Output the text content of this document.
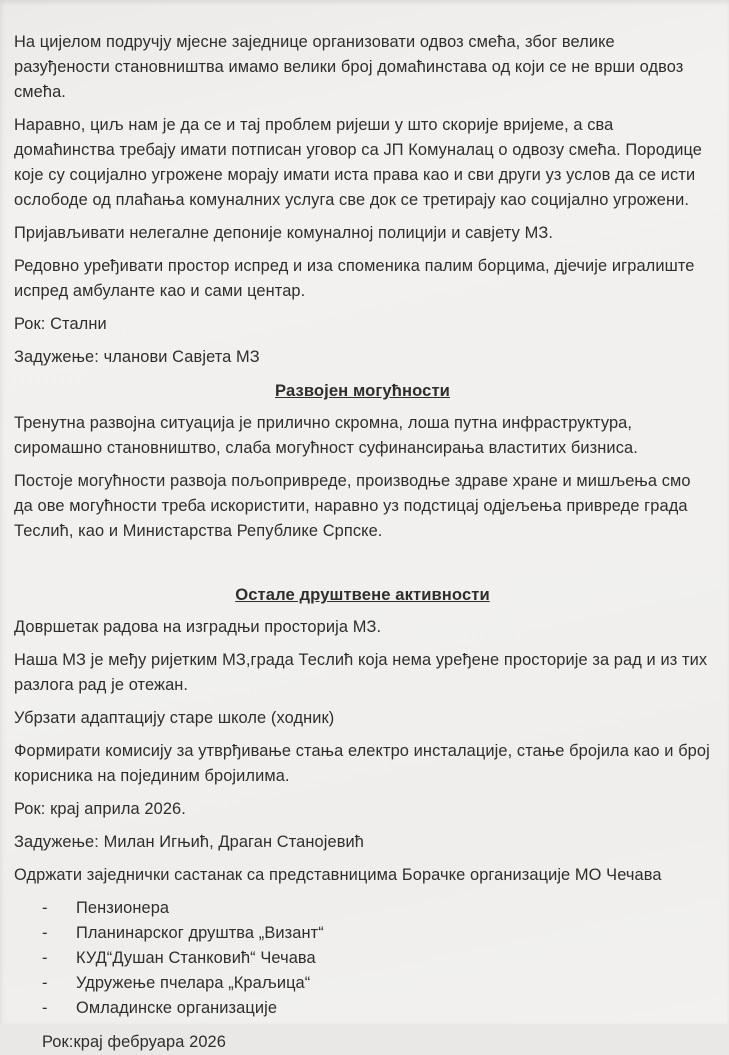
На цијелом подручју мјесне заједнице организовати одвоз смећа, због велике разуђености становништва имамо велики број домаћинстава од који се не врши одвоз смећа.

Наравно, циљ нам је да се и тај проблем ријеши у што скорије вријеме, а сва домаћинства требају имати потписан уговор са ЈП Комуналац о одвозу смећа. Породице које су социјално угрожене морају имати иста права као и сви други уз услов да се исти ослободе од плаћања комуналних услуга све док се третирају као социјално угрожени.

Пријављивати нелегалне депоније комуналној полицији и савјету МЗ.

Редовно уређивати простор испред и иза споменика палим борцима, дјечије игралиште испред амбуланте као и сами центар.

Рок: Стални

Задужење: чланови Савјета МЗ

Развојен могућности

Тренутна развојна ситуација је прилично скромна, лоша путна инфраструктура, сиромашно становништво, слаба могућност суфинансирања властитих бизниса.

Постоје могућности развоја пољопривреде, производње здраве хране и мишљења смо да ове могућности треба искористити, наравно уз подстицај одјељења привреде града Теслић, као и Министарства Републике Српске.

Остале друштвене активности

Довршетак радова на изградњи просторија МЗ.

Наша МЗ је међу ријетким МЗ,града Теслић која нема уређене просторије за рад и из тих разлога рад је отежан.

Убрзати адаптацију старе школе (ходник)

Формирати комисију за утврђивање стања електро инсталације, стање бројила као и број корисника на појединим бројилима.

Рок: крај априла 2026.

Задужење: Милан Игњић, Драган Станојевић

Одржати заједнички састанак са представницима Борачке организације МО Чечава

- Пензионера
- Планинарског друштва „Визант“
- КУД“Душан Станковић“ Чечава
- Удружење пчелара „Краљица“
- Омладинске организације

Рок:крај фебруара 2026
